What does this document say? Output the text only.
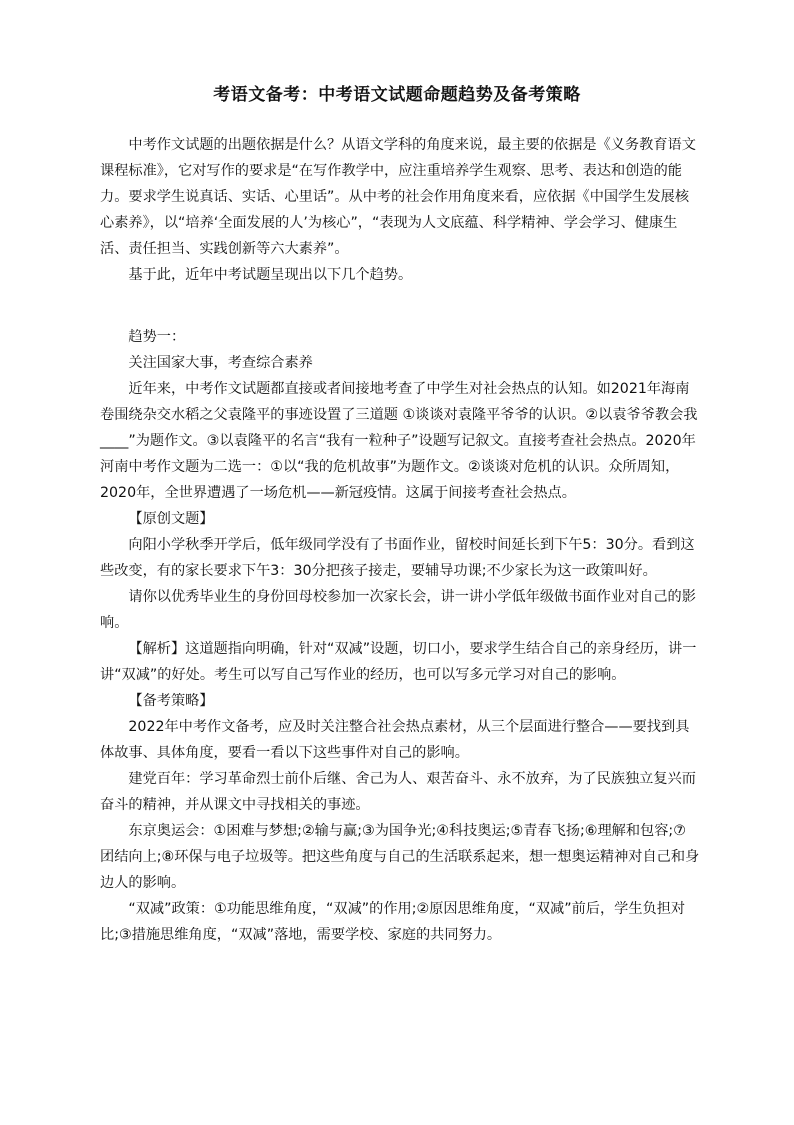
考语文备考：中考语文试题命题趋势及备考策略

中考作文试题的出题依据是什么？从语文学科的角度来说，最主要的依据是《义务教育语文课程标准》，它对写作的要求是“在写作教学中，应注重培养学生观察、思考、表达和创造的能力。要求学生说真话、实话、心里话”。从中考的社会作用角度来看，应依据《中国学生发展核心素养》，以“培养‘全面发展的人’为核心”，“表现为人文底蕴、科学精神、学会学习、健康生活、责任担当、实践创新等六大素养”。

基于此，近年中考试题呈现出以下几个趋势。

趋势一：

关注国家大事，考查综合素养

近年来，中考作文试题都直接或者间接地考查了中学生对社会热点的认知。如2021年海南卷围绕杂交水稻之父袁隆平的事迹设置了三道题 ①谈谈对袁隆平爷爷的认识。②以袁爷爷教会我____”为题作文。③以袁隆平的名言“我有一粒种子”设题写记叙文。直接考查社会热点。2020年河南中考作文题为二选一：①以“我的危机故事”为题作文。②谈谈对危机的认识。众所周知，2020年，全世界遭遇了一场危机——新冠疫情。这属于间接考查社会热点。

【原创文题】

向阳小学秋季开学后，低年级同学没有了书面作业，留校时间延长到下午5：30分。看到这些改变，有的家长要求下午3：30分把孩子接走，要辅导功课;不少家长为这一政策叫好。

请你以优秀毕业生的身份回母校参加一次家长会，讲一讲小学低年级做书面作业对自己的影响。

【解析】这道题指向明确，针对“双减”设题，切口小，要求学生结合自己的亲身经历，讲一讲“双减”的好处。考生可以写自己写作业的经历，也可以写多元学习对自己的影响。

【备考策略】

2022年中考作文备考，应及时关注整合社会热点素材，从三个层面进行整合——要找到具体故事、具体角度，要看一看以下这些事件对自己的影响。

建党百年：学习革命烈士前仆后继、舍己为人、艰苦奋斗、永不放弃，为了民族独立复兴而奋斗的精神，并从课文中寻找相关的事迹。

东京奥运会：①困难与梦想;②输与赢;③为国争光;④科技奥运;⑤青春飞扬;⑥理解和包容;⑦团结向上;⑧环保与电子垃圾等。把这些角度与自己的生活联系起来，想一想奥运精神对自己和身边人的影响。

“双减”政策：①功能思维角度，“双减”的作用;②原因思维角度，“双减”前后，学生负担对比;③措施思维角度，“双减”落地，需要学校、家庭的共同努力。
